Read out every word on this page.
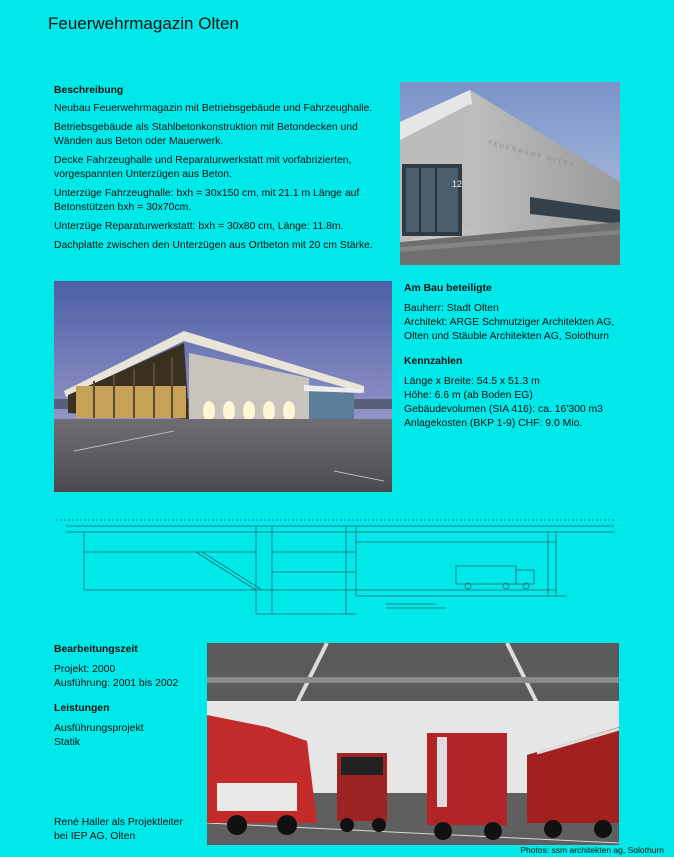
Feuerwehrmagazin Olten
Beschreibung

Neubau Feuerwehrmagazin mit Betriebsgebäude und Fahrzeughalle.

Betriebsgebäude als Stahlbetonkonstruktion mit Betondecken und

Wänden aus Beton oder Mauerwerk.

Decke Fahrzeughalle und Reparaturwerkstatt mit vorfabrizierten,

vorgespannten Unterzügen aus Beton.

Unterzüge Fahrzeughalle: bxh = 30x150 cm, mit 21.1 m Länge auf

Betonstützen bxh = 30x70cm.

Unterzüge Reparaturwerkstatt: bxh = 30x80 cm, Länge: 11.8m.

Dachplatte zwischen den Unterzügen aus Ortbeton mit 20 cm Stärke.

12
FEUERWEHR OLTEN
Am Bau beteiligte

Bauherr: Stadt Olten

Architekt: ARGE Schmutziger Architekten AG,

Olten und Stäuble Architekten AG, Solothurn

Kennzahlen

Länge x Breite: 54.5 x 51.3 m

Höhe: 6.6 m (ab Boden EG)

Gebäudevolumen (SIA 416): ca. 16'300 m3

Anlagekosten (BKP 1-9) CHF: 9.0 Mio.

Bearbeitungszeit

Projekt: 2000

Ausführung: 2001 bis 2002

Leistungen

Ausführungsprojekt

Statik

René Haller als Projektleiter

bei IEP AG, Olten

Photos: ssm architekten ag, Solothurn
